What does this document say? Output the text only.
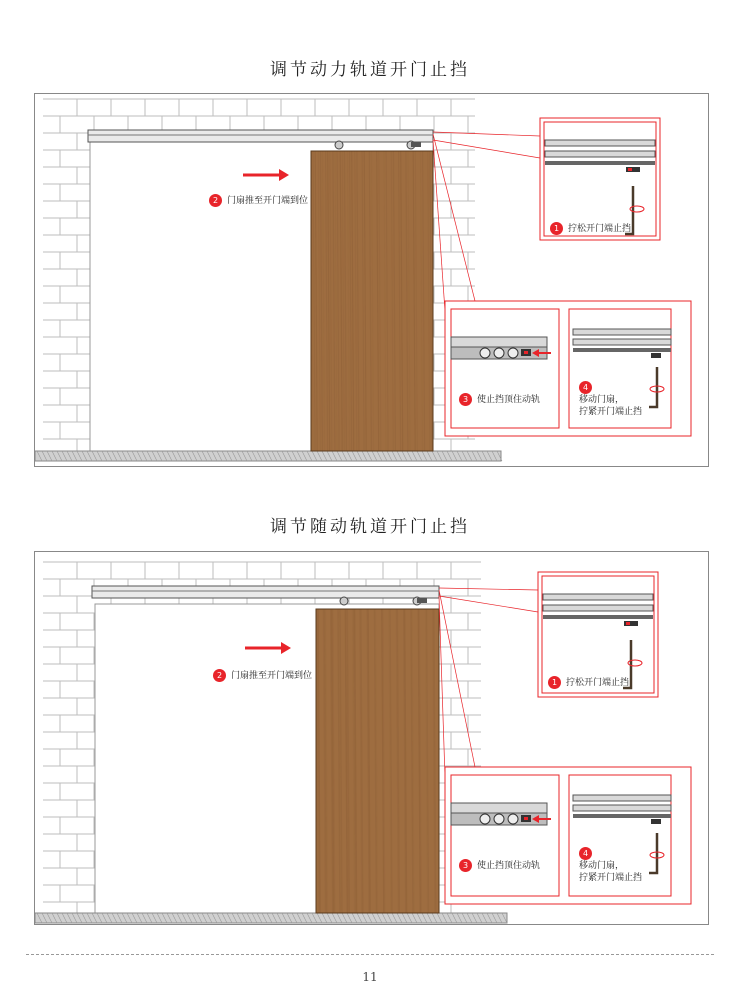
调节动力轨道开门止挡
2 门扇推至开门端到位
1 拧松开门端止挡
3 使止挡顶住动轨
4
移动门扇，
拧紧开门端止挡
调节随动轨道开门止挡
2 门扇推至开门端到位
1 拧松开门端止挡
3 使止挡顶住动轨
4
移动门扇，
拧紧开门端止挡
11
